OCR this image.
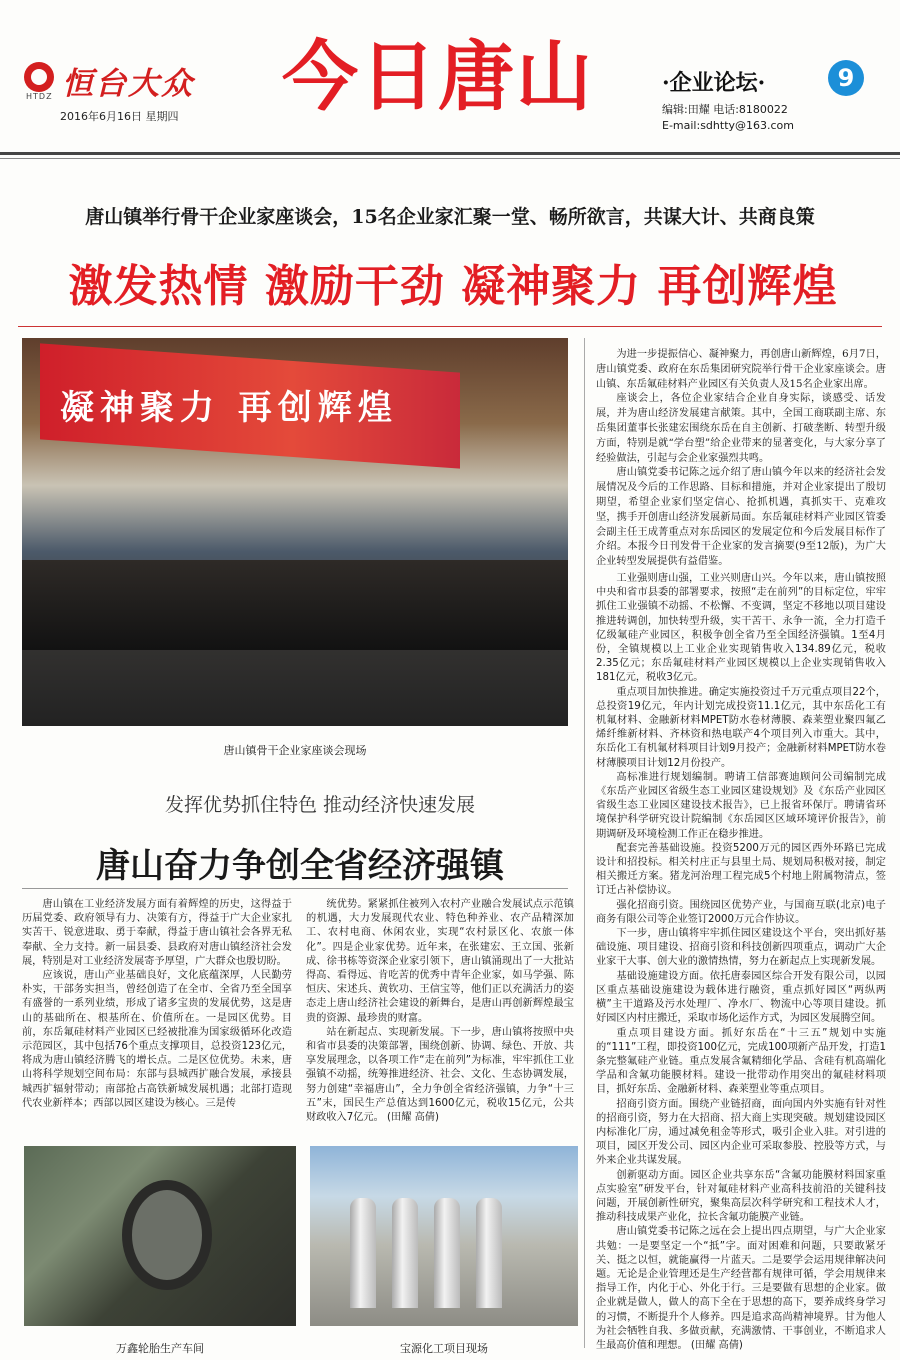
HTDZ 恒台大众
2016年6月16日 星期四 今日唐山	·企业论坛·	9
编辑:田耀 电话:8180022
E-mail:sdhtty@163.com
唐山镇举行骨干企业家座谈会，15名企业家汇聚一堂、畅所欲言，共谋大计、共商良策
激发热情 激励干劲 凝神聚力 再创辉煌
凝神聚力 再创辉煌
唐山镇骨干企业家座谈会现场
发挥优势抓住特色 推动经济快速发展
唐山奋力争创全省经济强镇

唐山镇在工业经济发展方面有着辉煌的历史，这得益于历届党委、政府领导有力、决策有方，得益于广大企业家扎实苦干、锐意进取、勇于奉献，得益于唐山镇社会各界无私奉献、全力支持。新一届县委、县政府对唐山镇经济社会发展，特别是对工业经济发展寄予厚望，广大群众也殷切盼。

应该说，唐山产业基础良好，文化底蕴深厚，人民勤劳朴实，干部务实担当，曾经创造了在全市、全省乃至全国享有盛誉的一系列业绩，形成了诸多宝贵的发展优势，这是唐山的基础所在、根基所在、价值所在。一是园区优势。目前，东岳氟硅材料产业园区已经被批准为国家级循环化改造示范园区，其中包括76个重点支撑项目，总投资123亿元，将成为唐山镇经济腾飞的增长点。二是区位优势。未来，唐山将科学规划空间布局：东部与县城西扩融合发展，承接县城西扩辐射带动；南部抢占高铁新城发展机遇；北部打造现代农业新样本；西部以园区建设为核心。三是传

统优势。紧紧抓住被列入农村产业融合发展试点示范镇的机遇，大力发展现代农业、特色种养业、农产品精深加工、农村电商、休闲农业，实现“农村景区化、农旅一体化”。四是企业家优势。近年来，在张建宏、王立国、张新成、徐书栋等资深企业家引领下，唐山镇涌现出了一大批站得高、看得远、肯吃苦的优秀中青年企业家，如马学强、陈恒庆、宋述兵、黄钦功、王信宝等，他们正以充满活力的姿态走上唐山经济社会建设的新舞台，是唐山再创新辉煌最宝贵的资源、最珍贵的财富。

站在新起点、实现新发展。下一步，唐山镇将按照中央和省市县委的决策部署，围绕创新、协调、绿色、开放、共享发展理念，以各项工作“走在前列”为标准，牢牢抓住工业强镇不动摇，统筹推进经济、社会、文化、生态协调发展，努力创建“幸福唐山”，全力争创全省经济强镇，力争“十三五”末，国民生产总值达到1600亿元，税收15亿元，公共财政收入7亿元。 (田耀 高倩)

为进一步提振信心、凝神聚力，再创唐山新辉煌，6月7日，唐山镇党委、政府在东岳集团研究院举行骨干企业家座谈会。唐山镇、东岳氟硅材料产业园区有关负责人及15名企业家出席。

座谈会上，各位企业家结合企业自身实际，谈感受、话发展，并为唐山经济发展建言献策。其中，全国工商联副主席、东岳集团董事长张建宏围绕东岳在自主创新、打破垄断、转型升级方面，特别是就“学台塑”给企业带来的显著变化，与大家分享了经验做法，引起与会企业家强烈共鸣。

唐山镇党委书记陈之远介绍了唐山镇今年以来的经济社会发展情况及今后的工作思路、目标和措施，并对企业家提出了殷切期望，希望企业家们坚定信心、抢抓机遇，真抓实干、克难攻坚，携手开创唐山经济发展新局面。东岳氟硅材料产业园区管委会副主任王成菁重点对东岳园区的发展定位和今后发展目标作了介绍。本报今日刊发骨干企业家的发言摘要(9至12版)，为广大企业转型发展提供有益借鉴。

工业强则唐山强，工业兴则唐山兴。今年以来，唐山镇按照中央和省市县委的部署要求，按照“走在前列”的目标定位，牢牢抓住工业强镇不动摇、不松懈、不变调，坚定不移地以项目建设推进转调创，加快转型升级，实干苦干、永争一流，全力打造千亿级氟硅产业园区，积极争创全省乃至全国经济强镇。1至4月份，全镇规模以上工业企业实现销售收入134.89亿元，税收2.35亿元；东岳氟硅材料产业园区规模以上企业实现销售收入181亿元，税收3亿元。

重点项目加快推进。确定实施投资过千万元重点项目22个，总投资19亿元，年内计划完成投资11.1亿元，其中东岳化工有机氟材料、金融新材料MPET防水卷材薄膜、森莱塑业聚四氟乙烯纤维新材料、齐林资和热电联产4个项目列入市重大。其中，东岳化工有机氟材料项目计划9月投产；金融新材料MPET防水卷材薄膜项目计划12月份投产。

高标准进行规划编制。聘请工信部赛迪顾问公司编制完成《东岳产业园区省级生态工业园区建设规划》及《东岳产业园区省级生态工业园区建设技术报告》，已上报省环保厅。聘请省环境保护科学研究设计院编制《东岳园区区域环境评价报告》，前期调研及环境检测工作正在稳步推进。

配套完善基础设施。投资5200万元的园区西外环路已完成设计和招投标。相关村庄正与县里土局、规划局积极对接，制定相关搬迁方案。猪龙河治理工程完成5个村地上附属物清点，签订迁占补偿协议。

强化招商引资。围绕园区优势产业，与国商互联(北京)电子商务有限公司等企业签订2000万元合作协议。

下一步，唐山镇将牢牢抓住园区建设这个平台，突出抓好基础设施、项目建设、招商引资和科技创新四项重点，调动广大企业家干大事、创大业的激情热情，努力在新起点上实现新发展。

基础设施建设方面。依托唐泰园区综合开发有限公司，以园区重点基础设施建设为载体进行融资，重点抓好园区“两纵两横”主干道路及污水处理厂、净水厂、物流中心等项目建设。抓好园区内村庄搬迁，采取市场化运作方式，为园区发展腾空间。

重点项目建设方面。抓好东岳在“十三五”规划中实施的“111”工程，即投资100亿元，完成100项新产品开发，打造1条完整氟硅产业链。重点发展含氟精细化学品、含硅有机高端化学品和含氟功能膜材料。建设一批带动作用突出的氟硅材料项目，抓好东岳、金融新材料、森莱塑业等重点项目。

招商引资方面。围绕产业链招商，面向国内外实施有针对性的招商引资，努力在大招商、招大商上实现突破。规划建设园区内标准化厂房，通过减免租金等形式，吸引企业入驻。对引进的项目，园区开发公司、园区内企业可采取参股、控股等方式，与外来企业共谋发展。

创新驱动方面。园区企业共享东岳“含氟功能膜材料国家重点实验室”研发平台，针对氟硅材料产业高科技前沿的关键科技问题，开展创新性研究，聚集高层次科学研究和工程技术人才，推动科技成果产业化，拉长含氟功能膜产业链。

唐山镇党委书记陈之远在会上提出四点期望，与广大企业家共勉：一是要坚定一个“抵”字。面对困难和问题，只要敢紧牙关、挺之以恒，就能赢得一片蓝天。二是要学会运用规律解决问题。无论是企业管理还是生产经营都有规律可循，学会用规律来指导工作，内化于心、外化于行。三是要做有思想的企业家。做企业就是做人，做人的高下全在于思想的高下，要养成终身学习的习惯，不断提升个人修养。四是追求高尚精神境界。甘为他人为社会牺牲自我、多做贡献，充满激情、干事创业，不断追求人生最高价值和理想。 (田耀 高倩)

万鑫轮胎生产车间	宝源化工项目现场
